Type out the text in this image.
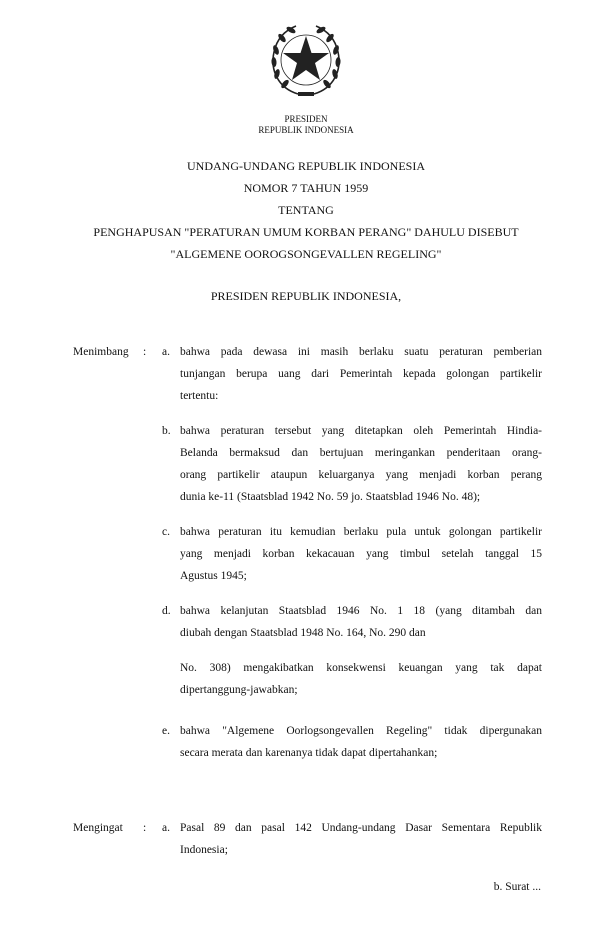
PRESIDEN
REPUBLIK INDONESIA
UNDANG-UNDANG REPUBLIK INDONESIA
NOMOR 7 TAHUN 1959
TENTANG
PENGHAPUSAN "PERATURAN UMUM KORBAN PERANG" DAHULU DISEBUT
"ALGEMENE OOROGSONGEVALLEN REGELING"
PRESIDEN REPUBLIK INDONESIA,
Menimbang :
Mengingat :
a. bahwa pada dewasa ini masih berlaku suatu peraturan pemberian
tunjangan berupa uang dari Pemerintah kepada golongan partikelir
tertentu:
b. bahwa peraturan tersebut yang ditetapkan oleh Pemerintah Hindia-
Belanda bermaksud dan bertujuan meringankan penderitaan orang-
orang partikelir ataupun keluarganya yang menjadi korban perang
dunia ke-11 (Staatsblad 1942 No. 59 jo. Staatsblad 1946 No. 48);
c. bahwa peraturan itu kemudian berlaku pula untuk golongan partikelir
yang menjadi korban kekacauan yang timbul setelah tanggal 15
Agustus 1945;
d. bahwa kelanjutan Staatsblad 1946 No. 1 18 (yang ditambah dan
diubah dengan Staatsblad 1948 No. 164, No. 290 dan
No. 308) mengakibatkan konsekwensi keuangan yang tak dapat
dipertanggung-jawabkan;
e. bahwa "Algemene Oorlogsongevallen Regeling" tidak dipergunakan
secara merata dan karenanya tidak dapat dipertahankan;
a. Pasal 89 dan pasal 142 Undang-undang Dasar Sementara Republik
Indonesia;
b. Surat ...
